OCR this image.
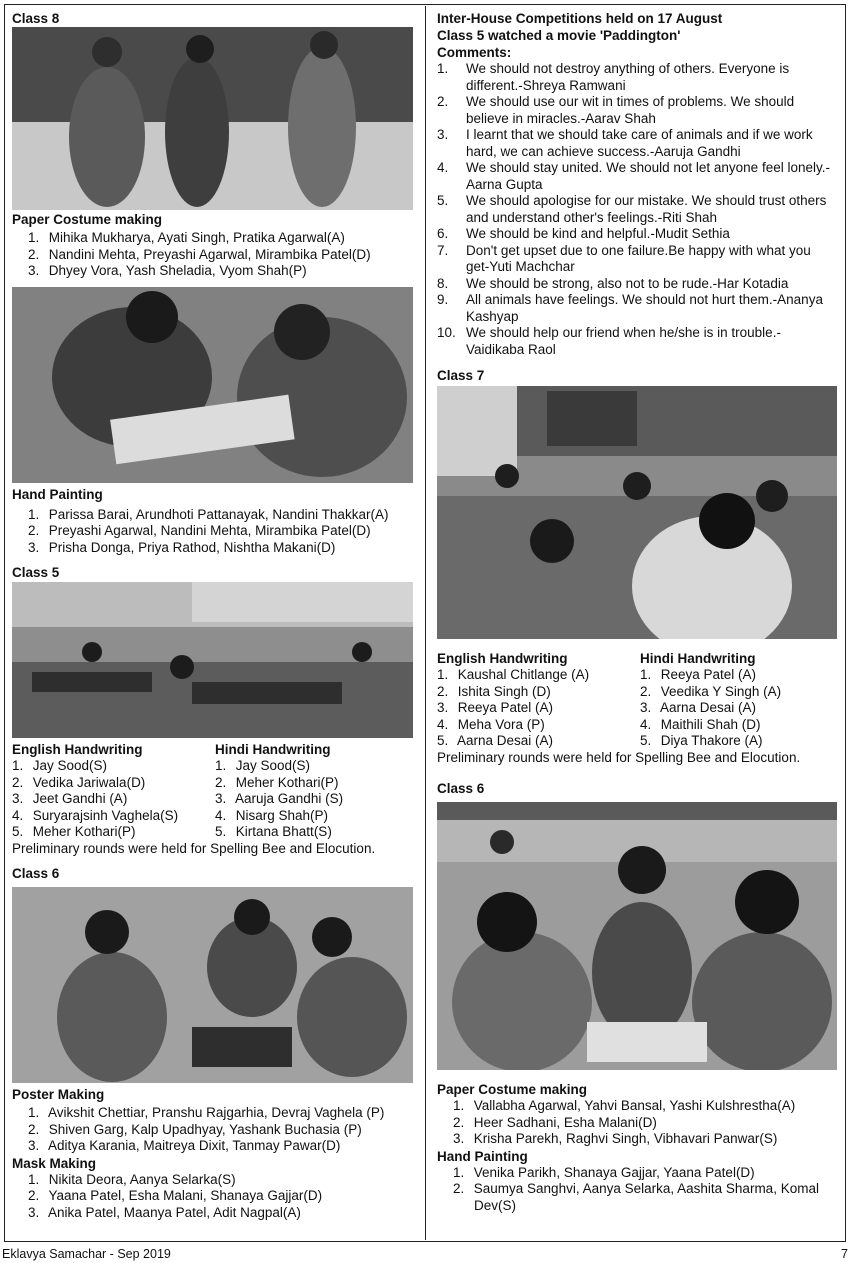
Class 8
Paper Costume making
1. Mihika Mukharya, Ayati Singh, Pratika Agarwal(A)
2. Nandini Mehta, Preyashi Agarwal, Mirambika Patel(D)
3. Dhyey Vora, Yash Sheladia, Vyom Shah(P)
Hand Painting
1. Parissa Barai, Arundhoti Pattanayak, Nandini Thakkar(A)
2. Preyashi Agarwal, Nandini Mehta, Mirambika Patel(D)
3. Prisha Donga, Priya Rathod, Nishtha Makani(D)
Class 5
English Handwriting
1. Jay Sood(S)
2. Vedika Jariwala(D)
3. Jeet Gandhi (A)
4. Suryarajsinh Vaghela(S)
5. Meher Kothari(P)
Hindi Handwriting
1. Jay Sood(S)
2. Meher Kothari(P)
3. Aaruja Gandhi (S)
4. Nisarg Shah(P)
5. Kirtana Bhatt(S)

Preliminary rounds were held for Spelling Bee and Elocution.

Class 6
Poster Making
1. Avikshit Chettiar, Pranshu Rajgarhia, Devraj Vaghela (P)
2. Shiven Garg, Kalp Upadhyay, Yashank Buchasia (P)
3. Aditya Karania, Maitreya Dixit, Tanmay Pawar(D)
Mask Making
1. Nikita Deora, Aanya Selarka(S)
2. Yaana Patel, Esha Malani, Shanaya Gajjar(D)
3. Anika Patel, Maanya Patel, Adit Nagpal(A)
Inter-House Competitions held on 17 August
Class 5 watched a movie 'Paddington'
Comments:
1. We should not destroy anything of others. Everyone is different.-Shreya Ramwani
2. We should use our wit in times of problems. We should believe in miracles.-Aarav Shah
3. I learnt that we should take care of animals and if we work hard, we can achieve success.-Aaruja Gandhi
4. We should stay united. We should not let anyone feel lonely.-Aarna Gupta
5. We should apologise for our mistake. We should trust others and understand other's feelings.-Riti Shah
6. We should be kind and helpful.-Mudit Sethia
7. Don't get upset due to one failure.Be happy with what you get-Yuti Machchar
8. We should be strong, also not to be rude.-Har Kotadia
9. All animals have feelings. We should not hurt them.-Ananya Kashyap
10. We should help our friend when he/she is in trouble.-Vaidikaba Raol
Class 7
English Handwriting
1. Kaushal Chitlange (A)
2. Ishita Singh (D)
3. Reeya Patel (A)
4. Meha Vora (P)
5. Aarna Desai (A)
Hindi Handwriting
1. Reeya Patel (A)
2. Veedika Y Singh (A)
3. Aarna Desai (A)
4. Maithili Shah (D)
5. Diya Thakore (A)

Preliminary rounds were held for Spelling Bee and Elocution.

Class 6
Paper Costume making
1. Vallabha Agarwal, Yahvi Bansal, Yashi Kulshrestha(A)
2. Heer Sadhani, Esha Malani(D)
3. Krisha Parekh, Raghvi Singh, Vibhavari Panwar(S)
Hand Painting
1. Venika Parikh, Shanaya Gajjar, Yaana Patel(D)
2. Saumya Sanghvi, Aanya Selarka, Aashita Sharma, Komal Dev(S)
Eklavya Samachar - Sep 2019	7
